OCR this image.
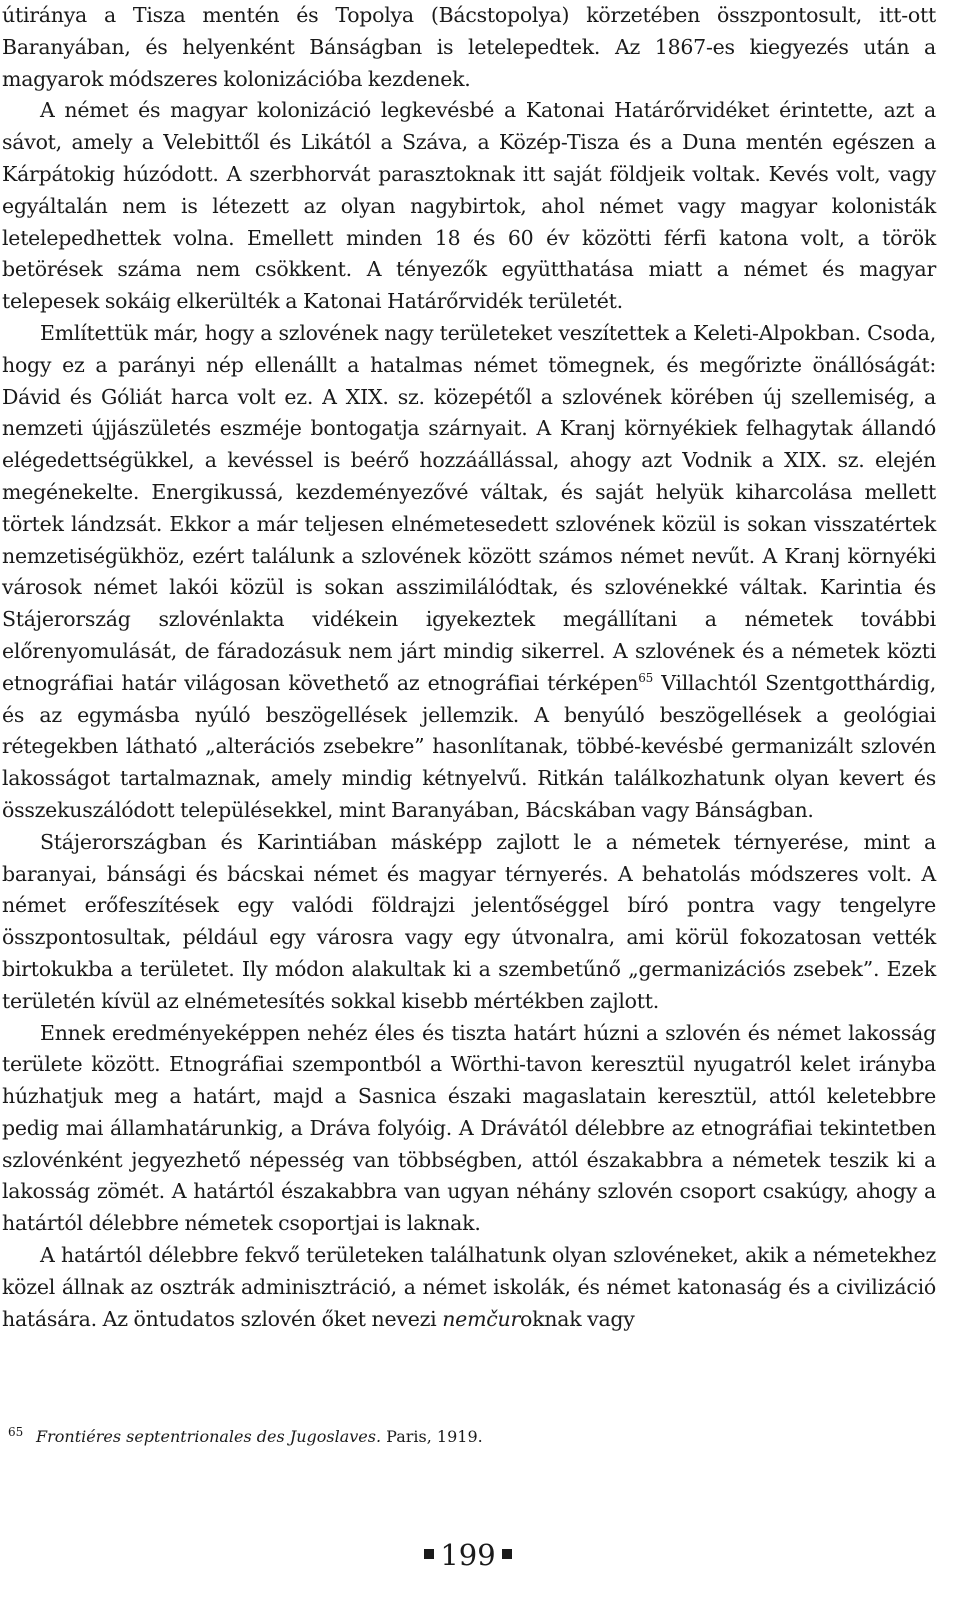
útiránya a Tisza mentén és Topolya (Bácstopolya) körzetében összpontosult, itt-ott Baranyában, és helyenként Bánságban is letelepedtek. Az 1867-es kiegyezés után a magyarok módszeres kolonizációba kezdenek.

A német és magyar kolonizáció legkevésbé a Katonai Határőrvidéket érintette, azt a sávot, amely a Velebittől és Likától a Száva, a Közép-Tisza és a Duna mentén egészen a Kárpátokig húzódott. A szerbhorvát parasztoknak itt saját földjeik voltak. Kevés volt, vagy egyáltalán nem is létezett az olyan nagybirtok, ahol német vagy magyar kolonisták letelepedhettek volna. Emellett minden 18 és 60 év közötti férfi katona volt, a török betörések száma nem csökkent. A tényezők együtthatása miatt a német és magyar telepesek sokáig elkerülték a Katonai Határőrvidék területét.

Említettük már, hogy a szlovének nagy területeket veszítettek a Keleti-Alpokban. Csoda, hogy ez a parányi nép ellenállt a hatalmas német tömegnek, és megőrizte önállóságát: Dávid és Góliát harca volt ez. A XIX. sz. közepétől a szlovének körében új szellemiség, a nemzeti újjászületés eszméje bontogatja szárnyait. A Kranj környékiek felhagytak állandó elégedettségükkel, a kevéssel is beérő hozzáállással, ahogy azt Vodnik a XIX. sz. elején megénekelte. Energikussá, kezdeményezővé váltak, és saját helyük kiharcolása mellett törtek lándzsát. Ekkor a már teljesen elnémetesedett szlovének közül is sokan visszatértek nemzetiségükhöz, ezért találunk a szlovének között számos német nevűt. A Kranj környéki városok német lakói közül is sokan asszimilálódtak, és szlovénekké váltak. Karintia és Stájerország szlovénlakta vidékein igyekeztek megállítani a németek további előrenyomulását, de fáradozásuk nem járt mindig sikerrel. A szlovének és a németek közti etnográfiai határ világosan követhető az etnográfiai térképen$^{65}$ Villachtól Szentgotthárdig, és az egymásba nyúló beszögellések jellemzik. A benyúló beszögellések a geológiai rétegekben látható „alterációs zsebekre” hasonlítanak, többé-kevésbé germanizált szlovén lakosságot tartalmaznak, amely mindig kétnyelvű. Ritkán találkozhatunk olyan kevert és összekuszálódott településekkel, mint Baranyában, Bácskában vagy Bánságban.

Stájerországban és Karintiában másképp zajlott le a németek térnyerése, mint a baranyai, bánsági és bácskai német és magyar térnyerés. A behatolás módszeres volt. A német erőfeszítések egy valódi földrajzi jelentőséggel bíró pontra vagy tengelyre összpontosultak, például egy városra vagy egy útvonalra, ami körül fokozatosan vették birtokukba a területet. Ily módon alakultak ki a szembetűnő „germanizációs zsebek”. Ezek területén kívül az elnémetesítés sokkal kisebb mértékben zajlott.

Ennek eredményeképpen nehéz éles és tiszta határt húzni a szlovén és német lakosság területe között. Etnográfiai szempontból a Wörthi-tavon keresztül nyugatról kelet irányba húzhatjuk meg a határt, majd a Sasnica északi magaslatain keresztül, attól keletebbre pedig mai államhatárunkig, a Dráva folyóig. A Drávától délebbre az etnográfiai tekintetben szlovénként jegyezhető népesség van többségben, attól északabbra a németek teszik ki a lakosság zömét. A határtól északabbra van ugyan néhány szlovén csoport csakúgy, ahogy a határtól délebbre németek csoportjai is laknak.

A határtól délebbre fekvő területeken találhatunk olyan szlovéneket, akik a németekhez közel állnak az osztrák adminisztráció, a német iskolák, és német katonaság és a civilizáció hatására. Az öntudatos szlovén őket nevezi nemčuroknak vagy

65 Frontiéres septentrionales des Jugoslaves. Paris, 1919.
199
